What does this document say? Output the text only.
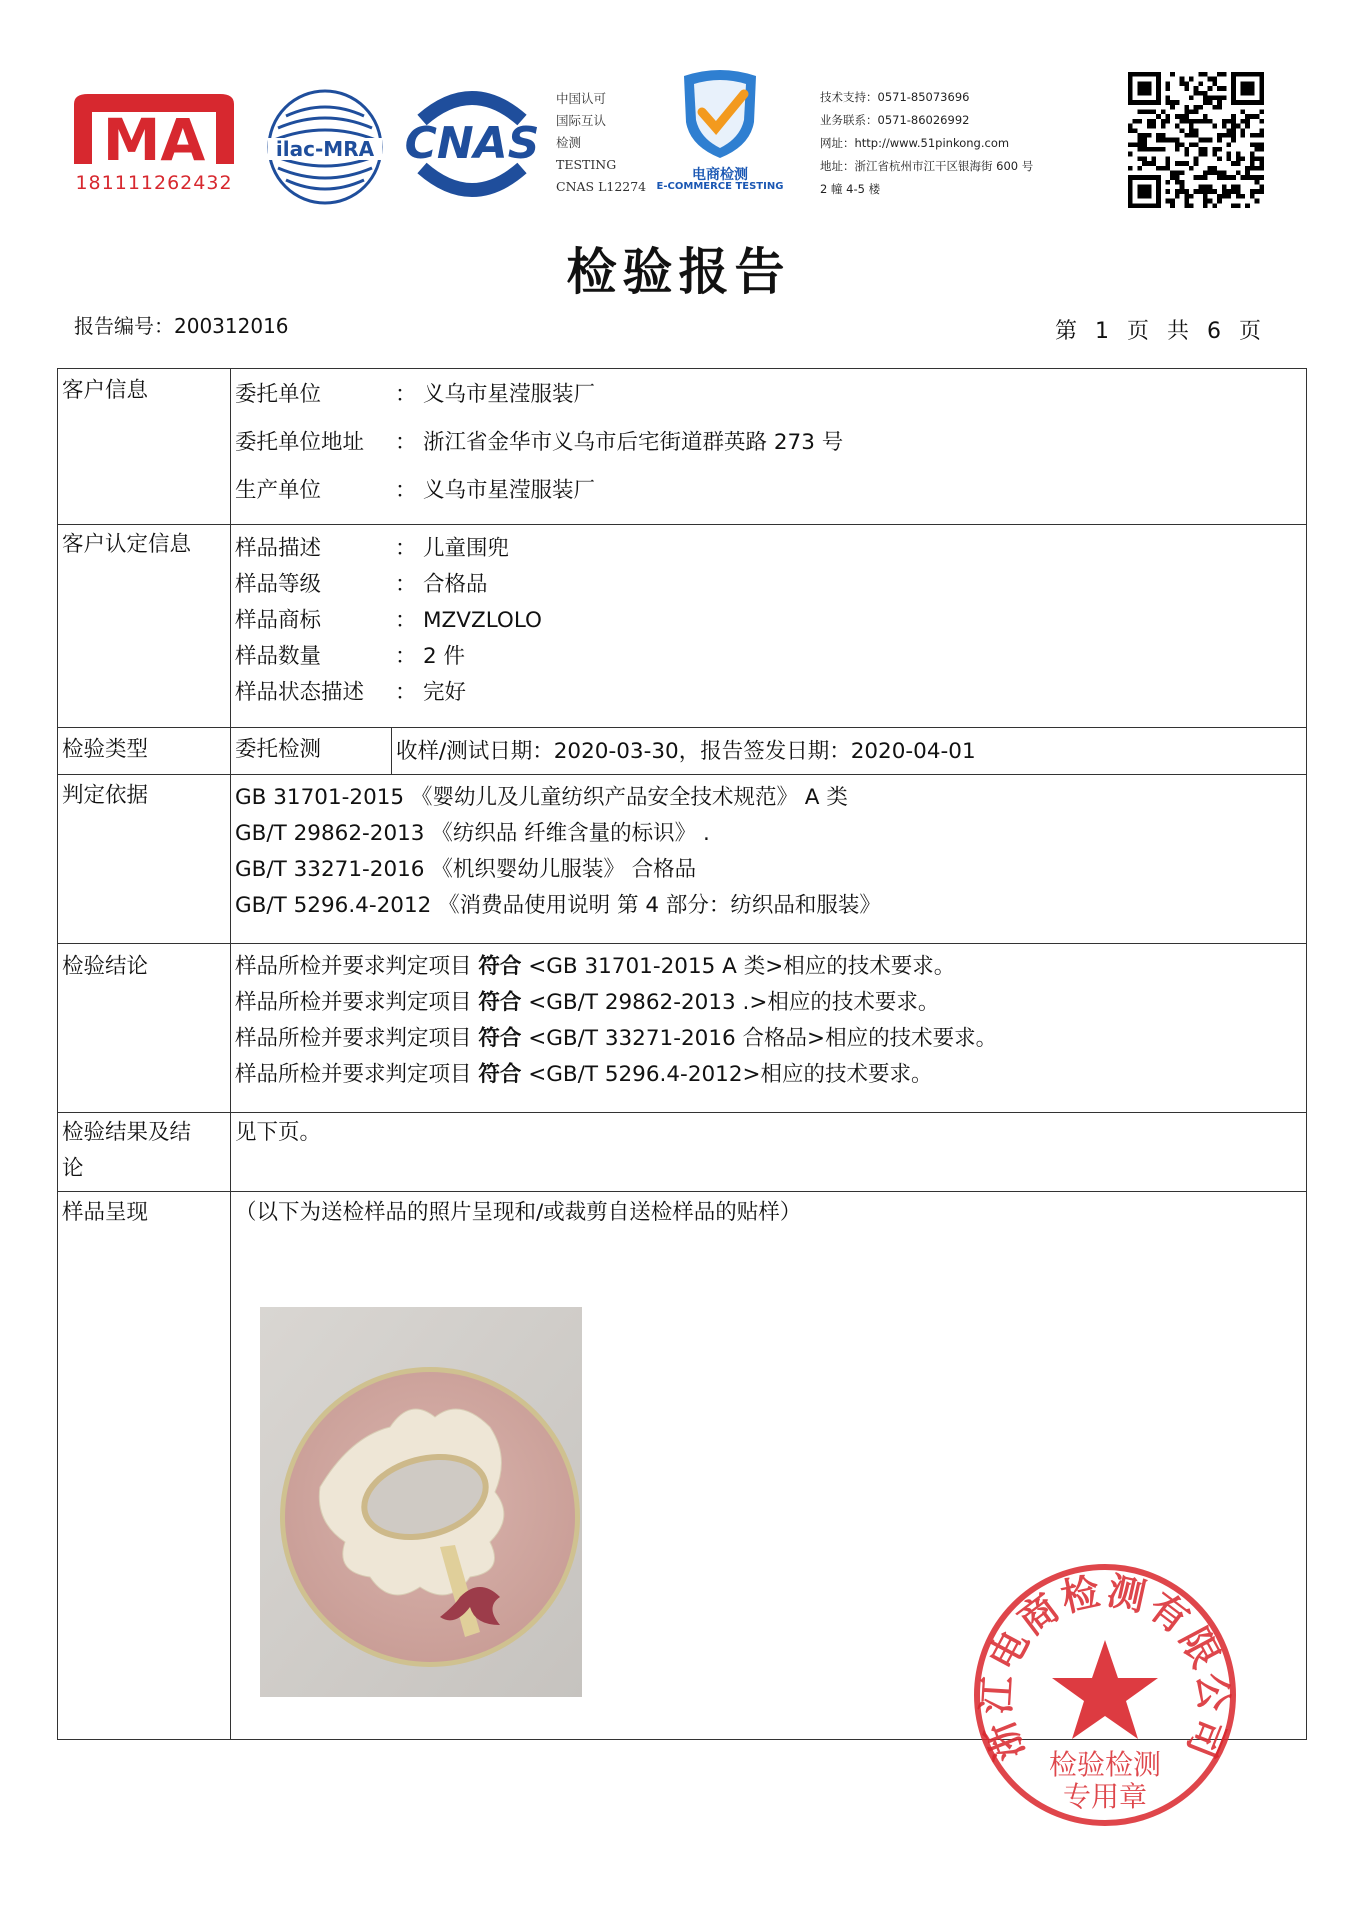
MA
181111262432
ilac-MRA CNAS
中国认可
国际互认
检测
TESTING
CNAS L12274
电商检测
E-COMMERCE TESTING
技术支持：0571-85073696
业务联系：0571-86026992
网址：http://www.51pinkong.com
地址：浙江省杭州市江干区银海街 600 号
2 幢 4-5 楼
检验报告
报告编号：200312016	第 1 页 共 6 页
客户信息	委托单位	： 义乌市星滢服装厂
委托单位地址 ： 浙江省金华市义乌市后宅街道群英路 273 号
生产单位	： 义乌市星滢服装厂
客户认定信息 样品描述	： 儿童围兜
样品等级	： 合格品
样品商标	： MZVZLOLO
样品数量	： 2 件
样品状态描述 ： 完好
检验类型	委托检测	收样/测试日期：2020-03-30，报告签发日期：2020-04-01
判定依据	GB 31701-2015 《婴幼儿及儿童纺织产品安全技术规范》 A 类
GB/T 29862-2013 《纺织品 纤维含量的标识》 .
GB/T 33271-2016 《机织婴幼儿服装》 合格品
GB/T 5296.4-2012 《消费品使用说明 第 4 部分：纺织品和服装》
检验结论	样品所检并要求判定项目 符合 <GB 31701-2015 A 类>相应的技术要求。
样品所检并要求判定项目 符合 <GB/T 29862-2013 .>相应的技术要求。
样品所检并要求判定项目 符合 <GB/T 33271-2016 合格品>相应的技术要求。
样品所检并要求判定项目 符合 <GB/T 5296.4-2012>相应的技术要求。
检验结果及结
论
见下页。
样品呈现	（以下为送检样品的照片呈现和/或裁剪自送检样品的贴样）
浙江电商检测有限公司
检验检测
专用章
